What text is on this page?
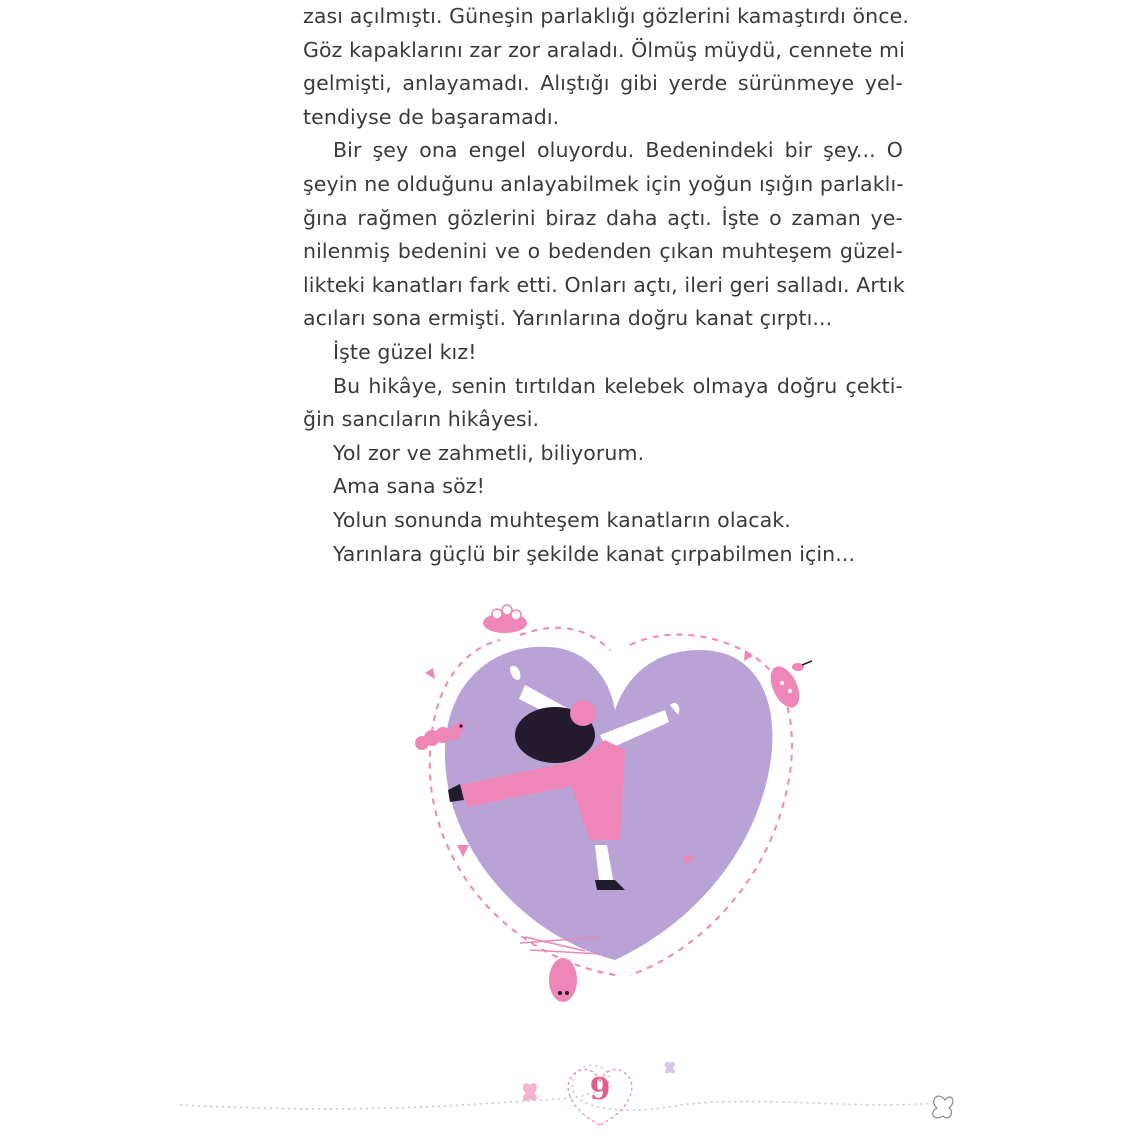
zası açılmıştı. Güneşin parlaklığı gözlerini kamaştırdı önce.
Göz kapaklarını zar zor araladı. Ölmüş müydü, cennete mi
gelmişti, anlayamadı. Alıştığı gibi yerde sürünmeye yel-
tendiyse de başaramadı.
Bir şey ona engel oluyordu. Bedenindeki bir şey... O
şeyin ne olduğunu anlayabilmek için yoğun ışığın parlaklı-
ğına rağmen gözlerini biraz daha açtı. İşte o zaman ye-
nilenmiş bedenini ve o bedenden çıkan muhteşem güzel-
likteki kanatları fark etti. Onları açtı, ileri geri salladı. Artık
acıları sona ermişti. Yarınlarına doğru kanat çırptı...
İşte güzel kız!
Bu hikâye, senin tırtıldan kelebek olmaya doğru çekti-
ğin sancıların hikâyesi.
Yol zor ve zahmetli, biliyorum.
Ama sana söz!
Yolun sonunda muhteşem kanatların olacak.
Yarınlara güçlü bir şekilde kanat çırpabilmen için...
9
